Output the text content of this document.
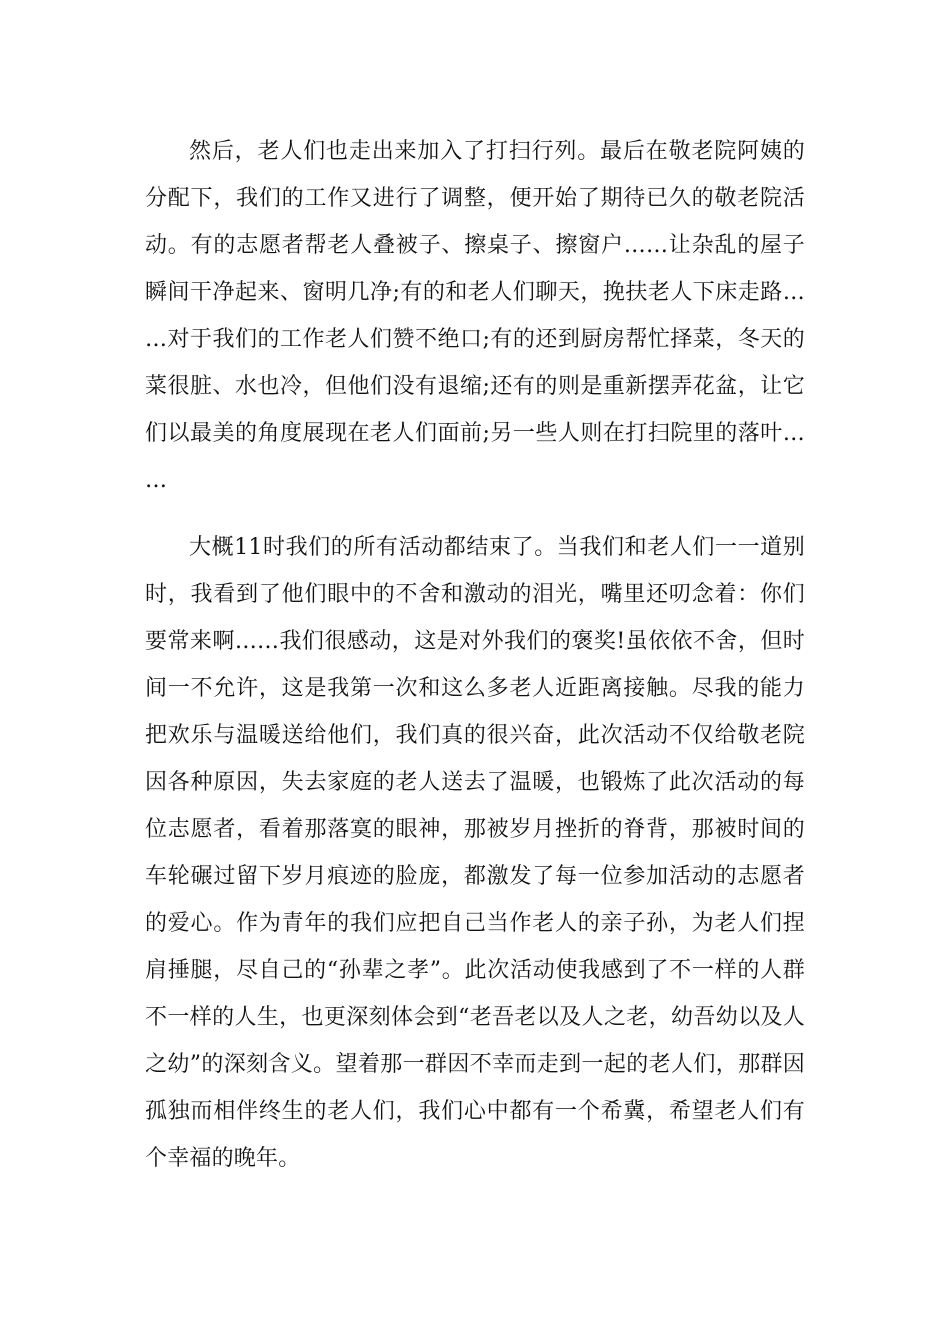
然后，老人们也走出来加入了打扫行列。最后在敬老院阿姨的分配下，我们的工作又进行了调整，便开始了期待已久的敬老院活动。有的志愿者帮老人叠被子、擦桌子、擦窗户……让杂乱的屋子瞬间干净起来、窗明几净;有的和老人们聊天，挽扶老人下床走路……对于我们的工作老人们赞不绝口;有的还到厨房帮忙择菜，冬天的菜很脏、水也冷，但他们没有退缩;还有的则是重新摆弄花盆，让它们以最美的角度展现在老人们面前;另一些人则在打扫院里的落叶……

大概11时我们的所有活动都结束了。当我们和老人们一一道别时，我看到了他们眼中的不舍和激动的泪光，嘴里还叨念着：你们要常来啊……我们很感动，这是对外我们的褒奖!虽依依不舍，但时间一不允许，这是我第一次和这么多老人近距离接触。尽我的能力把欢乐与温暖送给他们，我们真的很兴奋，此次活动不仅给敬老院因各种原因，失去家庭的老人送去了温暖，也锻炼了此次活动的每位志愿者，看着那落寞的眼神，那被岁月挫折的脊背，那被时间的车轮碾过留下岁月痕迹的脸庞，都激发了每一位参加活动的志愿者的爱心。作为青年的我们应把自己当作老人的亲子孙，为老人们捏肩捶腿，尽自己的“孙辈之孝”。此次活动使我感到了不一样的人群不一样的人生，也更深刻体会到“老吾老以及人之老，幼吾幼以及人之幼”的深刻含义。望着那一群因不幸而走到一起的老人们，那群因孤独而相伴终生的老人们，我们心中都有一个希冀，希望老人们有个幸福的晚年。
